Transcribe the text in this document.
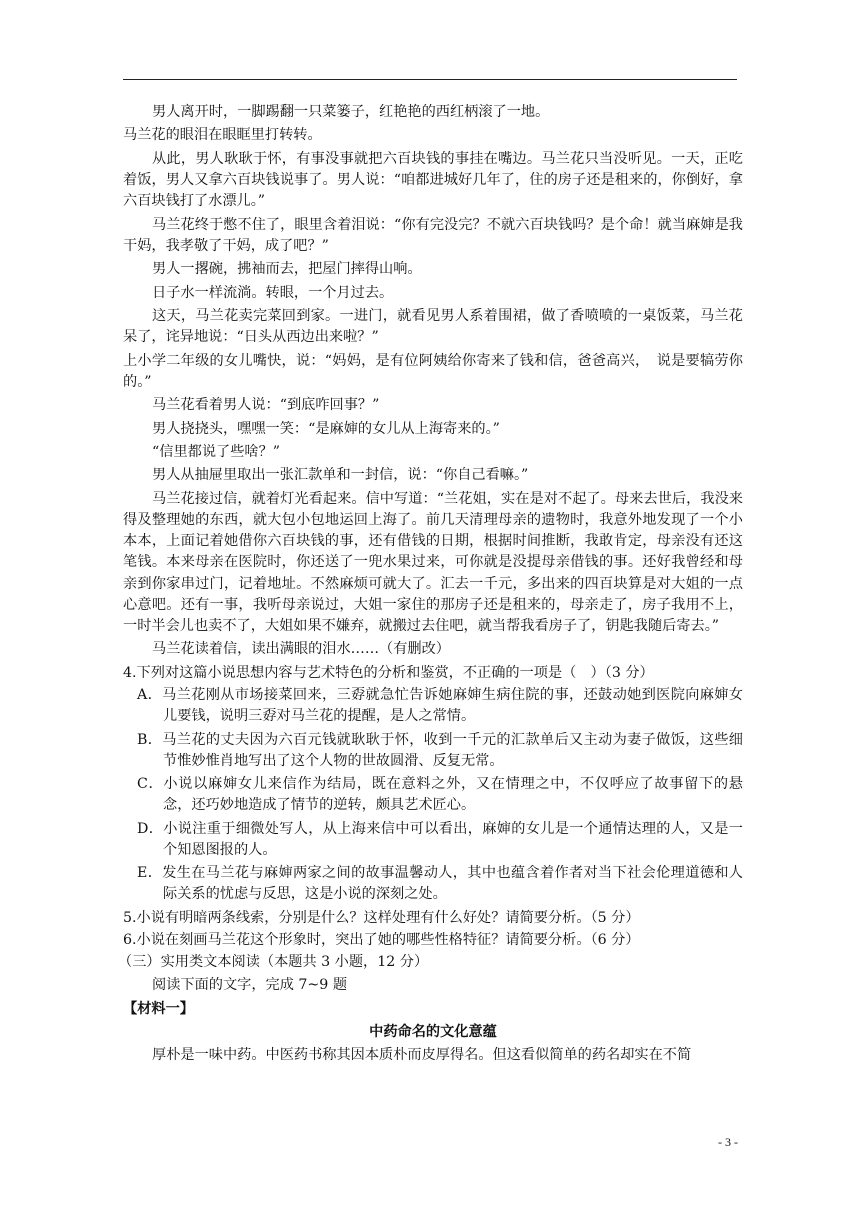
男人离开时，一脚踢翻一只菜篓子，红艳艳的西红柄滚了一地。

马兰花的眼泪在眼眶里打转转。

从此，男人耿耿于怀，有事没事就把六百块钱的事挂在嘴边。马兰花只当没听见。一天，正吃着饭，男人又拿六百块钱说事了。男人说：“咱都进城好几年了，住的房子还是租来的，你倒好，拿六百块钱打了水漂儿。”

马兰花终于憋不住了，眼里含着泪说：“你有完没完？不就六百块钱吗？是个命！就当麻婶是我干妈，我孝敬了干妈，成了吧？”

男人一撂碗，拂袖而去，把屋门摔得山响。

日子水一样流淌。转眼，一个月过去。

这天，马兰花卖完菜回到家。一进门，就看见男人系着围裙，做了香喷喷的一桌饭菜，马兰花呆了，诧异地说：“日头从西边出来啦？”

上小学二年级的女儿嘴快，说：“妈妈，是有位阿姨给你寄来了钱和信，爸爸高兴，　说是要犒劳你的。”

马兰花看着男人说：“到底咋回事？”

男人挠挠头，嘿嘿一笑：“是麻婶的女儿从上海寄来的。”

“信里都说了些啥？”

男人从抽屉里取出一张汇款单和一封信，说：“你自己看嘛。”

马兰花接过信，就着灯光看起来。信中写道：“兰花姐，实在是对不起了。母来去世后，我没来得及整理她的东西，就大包小包地运回上海了。前几天清理母亲的遗物时，我意外地发现了一个小本本，上面记着她借你六百块钱的事，还有借钱的日期，根据时间推断，我敢肯定，母亲没有还这笔钱。本来母亲在医院时，你还送了一兜水果过来，可你就是没提母亲借钱的事。还好我曾经和母亲到你家串过门，记着地址。不然麻烦可就大了。汇去一千元，多出来的四百块算是对大姐的一点心意吧。还有一事，我听母亲说过，大姐一家住的那房子还是租来的，母亲走了，房子我用不上，一时半会儿也卖不了，大姐如果不嫌弃，就搬过去住吧，就当帮我看房子了，钥匙我随后寄去。”

马兰花读着信，读出满眼的泪水……（有删改）

4.下列对这篇小说思想内容与艺术特色的分析和鉴赏，不正确的一项是（　）（3 分）

A．马兰花刚从市场接菜回来，三孬就急忙告诉她麻婶生病住院的事，还鼓动她到医院向麻婶女儿要钱，说明三孬对马兰花的提醒，是人之常情。

B．马兰花的丈夫因为六百元钱就耿耿于怀，收到一千元的汇款单后又主动为妻子做饭，这些细节惟妙惟肖地写出了这个人物的世故圆滑、反复无常。

C．小说以麻婶女儿来信作为结局，既在意料之外，又在情理之中，不仅呼应了故事留下的悬念，还巧妙地造成了情节的逆转，颇具艺术匠心。

D．小说注重于细微处写人，从上海来信中可以看出，麻婶的女儿是一个通情达理的人，又是一个知恩图报的人。

E．发生在马兰花与麻婶两家之间的故事温馨动人，其中也蕴含着作者对当下社会伦理道德和人际关系的忧虑与反思，这是小说的深刻之处。

5.小说有明暗两条线索，分别是什么？这样处理有什么好处？请简要分析。（5 分）

6.小说在刻画马兰花这个形象时，突出了她的哪些性格特征？请简要分析。（6 分）

（三）实用类文本阅读（本题共 3 小题，12 分）

阅读下面的文字，完成 7~9 题

【材料一】

中药命名的文化意蕴

厚朴是一味中药。中医药书称其因本质朴而皮厚得名。但这看似简单的药名却实在不简

- 3 -
